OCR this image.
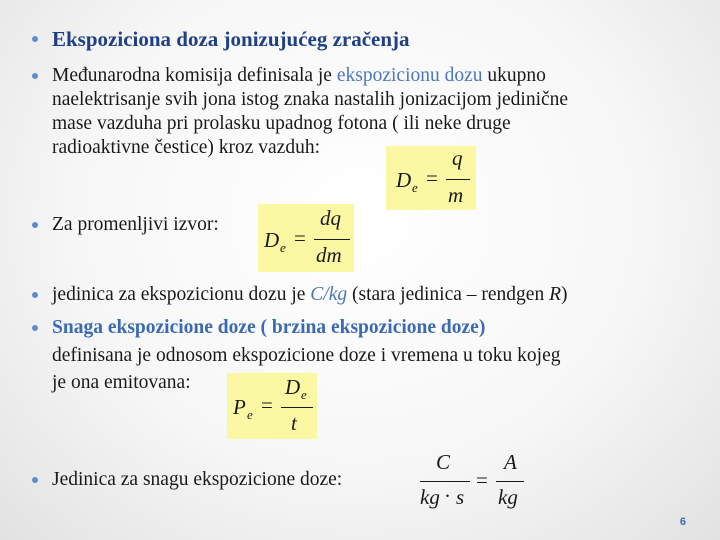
Ekspoziciona doza jonizujućeg zračenja
Međunarodna komisija definisala je ekspozicionu dozu ukupno
naelektrisanje svih jona istog znaka nastalih jonizacijom jedinične
mase vazduha pri prolasku upadnog fotona ( ili neke druge
radioaktivne čestice) kroz vazduh:
D e =
q
m
Za promenljivi izvor:
D e =
dq
dm
jedinica za ekspozicionu dozu je C/kg (stara jedinica – rendgen R)
Snaga ekspozicione doze ( brzina ekspozicione doze)
definisana je odnosom ekspozicione doze i vremena u toku kojeg
je ona emitovana:
P e =
D e
t
Jedinica za snagu ekspozicione doze:
C
kg · s
=
A
kg
6
